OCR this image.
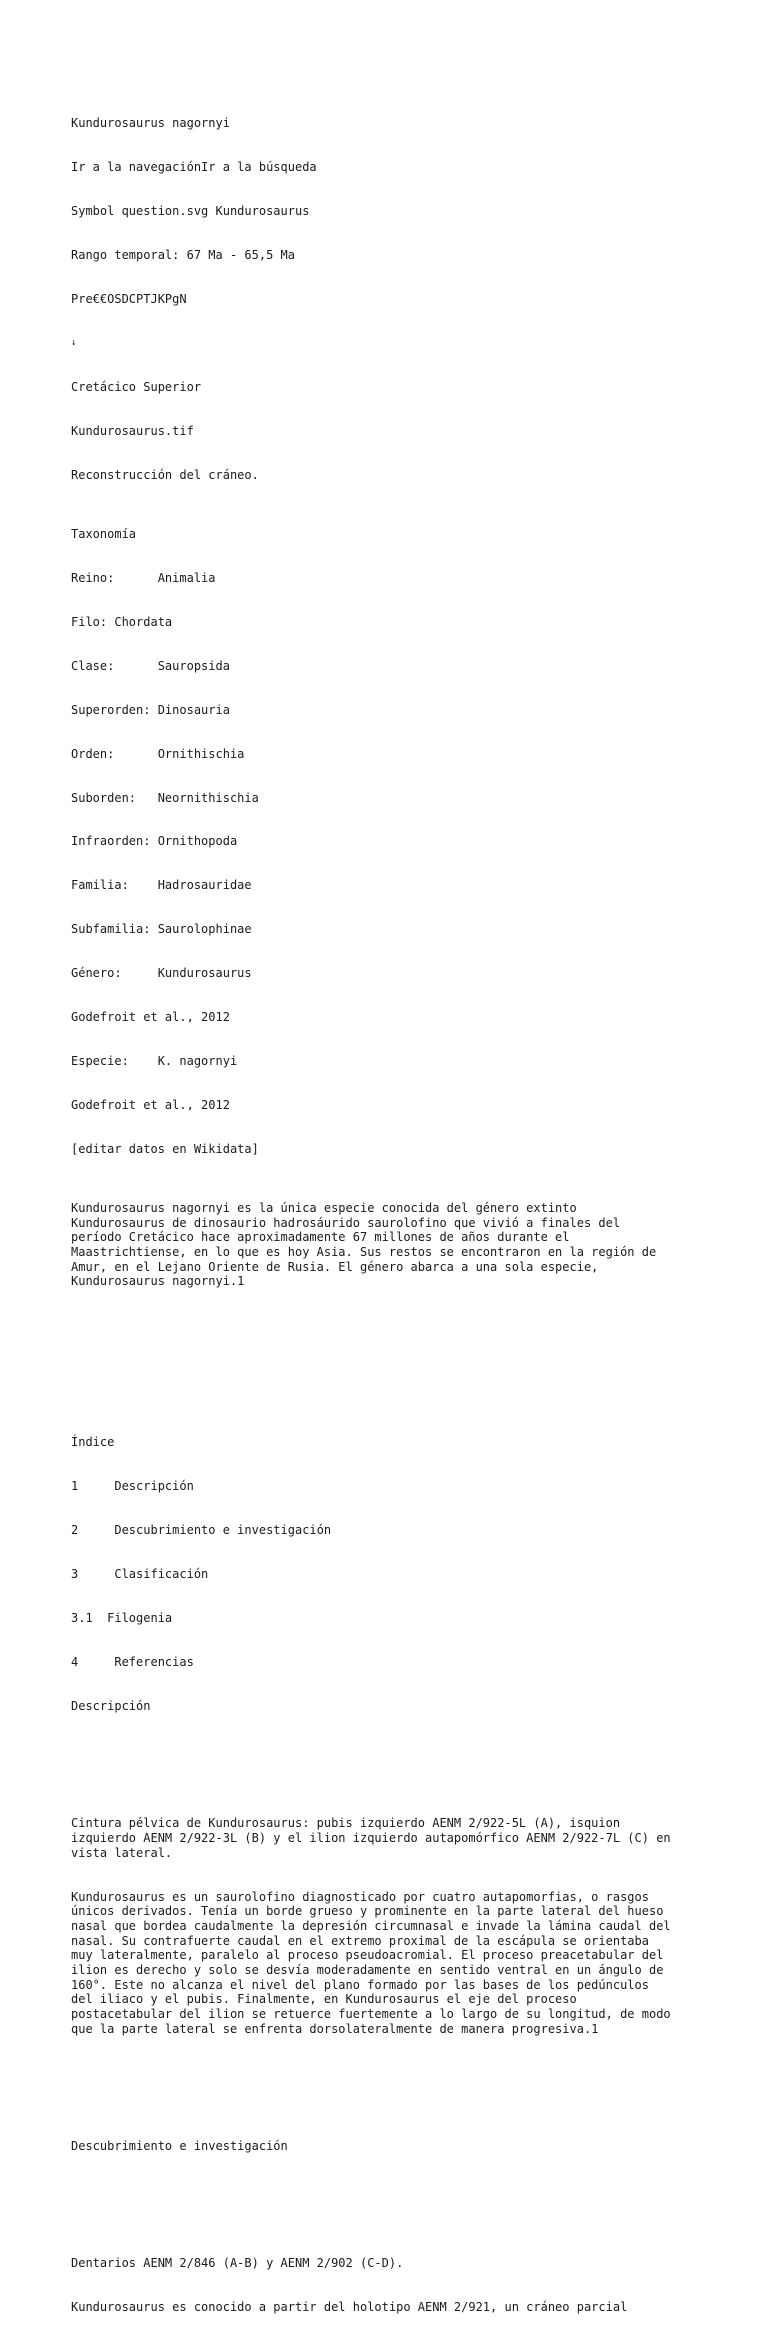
Kundurosaurus nagornyi

Ir a la navegaciónIr a la búsqueda

Symbol question.svg Kundurosaurus

Rango temporal: 67 Ma - 65,5 Ma

Pre€€OSDCPTJKPgN

↓

Cretácico Superior

Kundurosaurus.tif

Reconstrucción del cráneo.

Taxonomía

Reino:      Animalia

Filo: Chordata

Clase:      Sauropsida

Superorden: Dinosauria

Orden:      Ornithischia

Suborden:   Neornithischia

Infraorden: Ornithopoda

Familia:    Hadrosauridae

Subfamilia: Saurolophinae

Género:     Kundurosaurus

Godefroit et al., 2012

Especie:    K. nagornyi

Godefroit et al., 2012

[editar datos en Wikidata]

Kundurosaurus nagornyi es la única especie conocida del género extinto
Kundurosaurus de dinosaurio hadrosáurido saurolofino que vivió a finales del
período Cretácico hace aproximadamente 67 millones de años durante el
Maastrichtiense, en lo que es hoy Asia. Sus restos se encontraron en la región de
Amur, en el Lejano Oriente de Rusia. El género abarca a una sola especie,
Kundurosaurus nagornyi.1

Índice

1     Descripción

2     Descubrimiento e investigación

3     Clasificación

3.1  Filogenia

4     Referencias

Descripción

Cintura pélvica de Kundurosaurus: pubis izquierdo AENM 2/922-5L (A), isquion
izquierdo AENM 2/922-3L (B) y el ilion izquierdo autapomórfico AENM 2/922-7L (C) en
vista lateral.

Kundurosaurus es un saurolofino diagnosticado por cuatro autapomorfias, o rasgos
únicos derivados. Tenía un borde grueso y prominente en la parte lateral del hueso
nasal que bordea caudalmente la depresión circumnasal e invade la lámina caudal del
nasal. Su contrafuerte caudal en el extremo proximal de la escápula se orientaba
muy lateralmente, paralelo al proceso pseudoacromial. El proceso preacetabular del
ilion es derecho y solo se desvía moderadamente en sentido ventral en un ángulo de
160°. Este no alcanza el nivel del plano formado por las bases de los pedúnculos
del iliaco y el pubis. Finalmente, en Kundurosaurus el eje del proceso
postacetabular del ilion se retuerce fuertemente a lo largo de su longitud, de modo
que la parte lateral se enfrenta dorsolateralmente de manera progresiva.1

Descubrimiento e investigación

Dentarios AENM 2/846 (A-B) y AENM 2/902 (C-D).

Kundurosaurus es conocido a partir del holotipo AENM 2/921, un cráneo parcial
